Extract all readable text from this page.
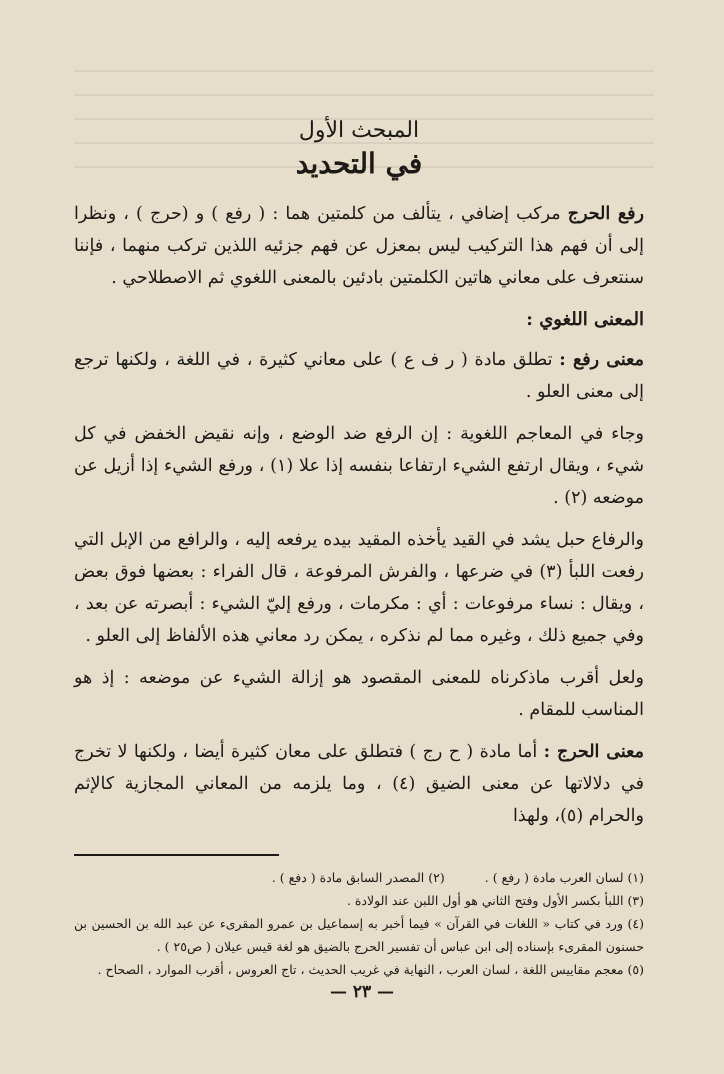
المبحث الأول
في التحديد

رفع الحرج مركب إضافي ، يتألف من كلمتين هما : ( رفع ) و (حرج ) ، ونظرا إلى أن فهم هذا التركيب ليس بمعزل عن فهم جزئيه اللذين تركب منهما ، فإننا سنتعرف على معاني هاتين الكلمتين بادئين بالمعنى اللغوي ثم الاصطلاحي .

المعنى اللغوي :

معنى رفع : تطلق مادة ( ر ف ع ) على معاني كثيرة ، في اللغة ، ولكنها ترجع إلى معنى العلو .

وجاء في المعاجم اللغوية : إن الرفع ضد الوضع ، وإنه نقيض الخفض في كل شيء ، ويقال ارتفع الشيء ارتفاعا بنفسه إذا علا (١) ، ورفع الشيء إذا أزيل عن موضعه (٢) .

والرفاع حبل يشد في القيد يأخذه المقيد بيده يرفعه إليه ، والرافع من الإبل التي رفعت اللبأ (٣) في ضرعها ، والفرش المرفوعة ، قال الفراء : بعضها فوق بعض ، ويقال : نساء مرفوعات : أي : مكرمات ، ورفع إليّ الشيء : أبصرته عن بعد ، وفي جميع ذلك ، وغيره مما لم نذكره ، يمكن رد معاني هذه الألفاظ إلى العلو .

ولعل أقرب ماذكرناه للمعنى المقصود هو إزالة الشيء عن موضعه : إذ هو المناسب للمقام .

معنى الحرج : أما مادة ( ح رج ) فتطلق على معان كثيرة أيضا ، ولكنها لا تخرج في دلالاتها عن معنى الضيق (٤) ، وما يلزمه من المعاني المجازية كالإثم والحرام (٥)، ولهذا

(١) لسان العرب مادة ( رفع ) .

(٢) المصدر السابق مادة ( دفع ) .

(٣) اللبأ بكسر الأول وفتح الثاني هو أول اللبن عند الولادة .

(٤) ورد في كتاب « اللغات في القرآن » فيما أخبر به إسماعيل بن عمرو المقرىء عن عبد الله بن الحسين بن حسنون المقرىء بإسناده إلى ابن عباس أن تفسير الحرج بالضيق هو لغة قيس عيلان ( ص٢٥ ) .

(٥) معجم مقاييس اللغة ، لسان العرب ، النهاية في غريب الحديث ، تاج العروس ، أقرب الموارد ، الصحاح .

— ٢٣ —
